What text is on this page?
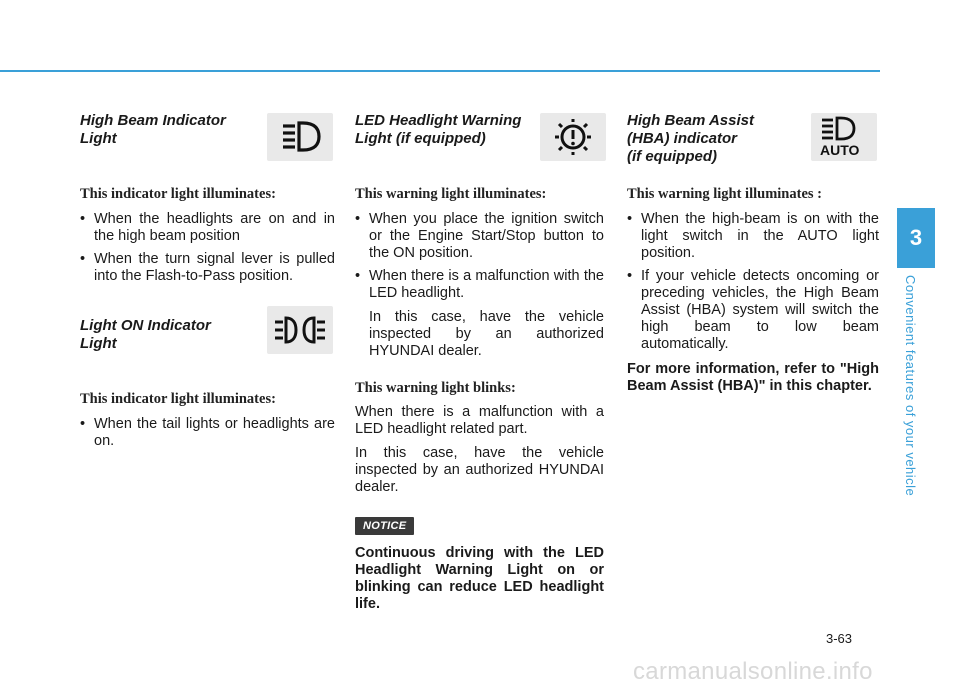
High Beam Indicator
Light

This indicator light illuminates:

• When the headlights are on and in the high beam position
• When the turn signal lever is pulled into the Flash-to-Pass position.
Light ON Indicator
Light

This indicator light illuminates:

• When the tail lights or headlights are on.
LED Headlight Warning
Light (if equipped)

This warning light illuminates:

• When you place the ignition switch or the Engine Start/Stop button to the ON position.
• When there is a malfunction with the LED headlight.

In this case, have the vehicle inspected by an authorized HYUNDAI dealer.

This warning light blinks:

When there is a malfunction with a LED headlight related part.

In this case, have the vehicle inspected by an authorized HYUNDAI dealer.

NOTICE

Continuous driving with the LED Headlight Warning Light on or blinking can reduce LED headlight life.

High Beam Assist
(HBA) indicator
(if equipped)

This warning light illuminates :

• When the high-beam is on with the light switch in the AUTO light position.
• If your vehicle detects oncoming or preceding vehicles, the High Beam Assist (HBA) system will switch the high beam to low beam automatically.

For more information, refer to "High Beam Assist (HBA)" in this chapter.

AUTO
3
Convenient features of your vehicle
3-63
carmanualsonline.info
